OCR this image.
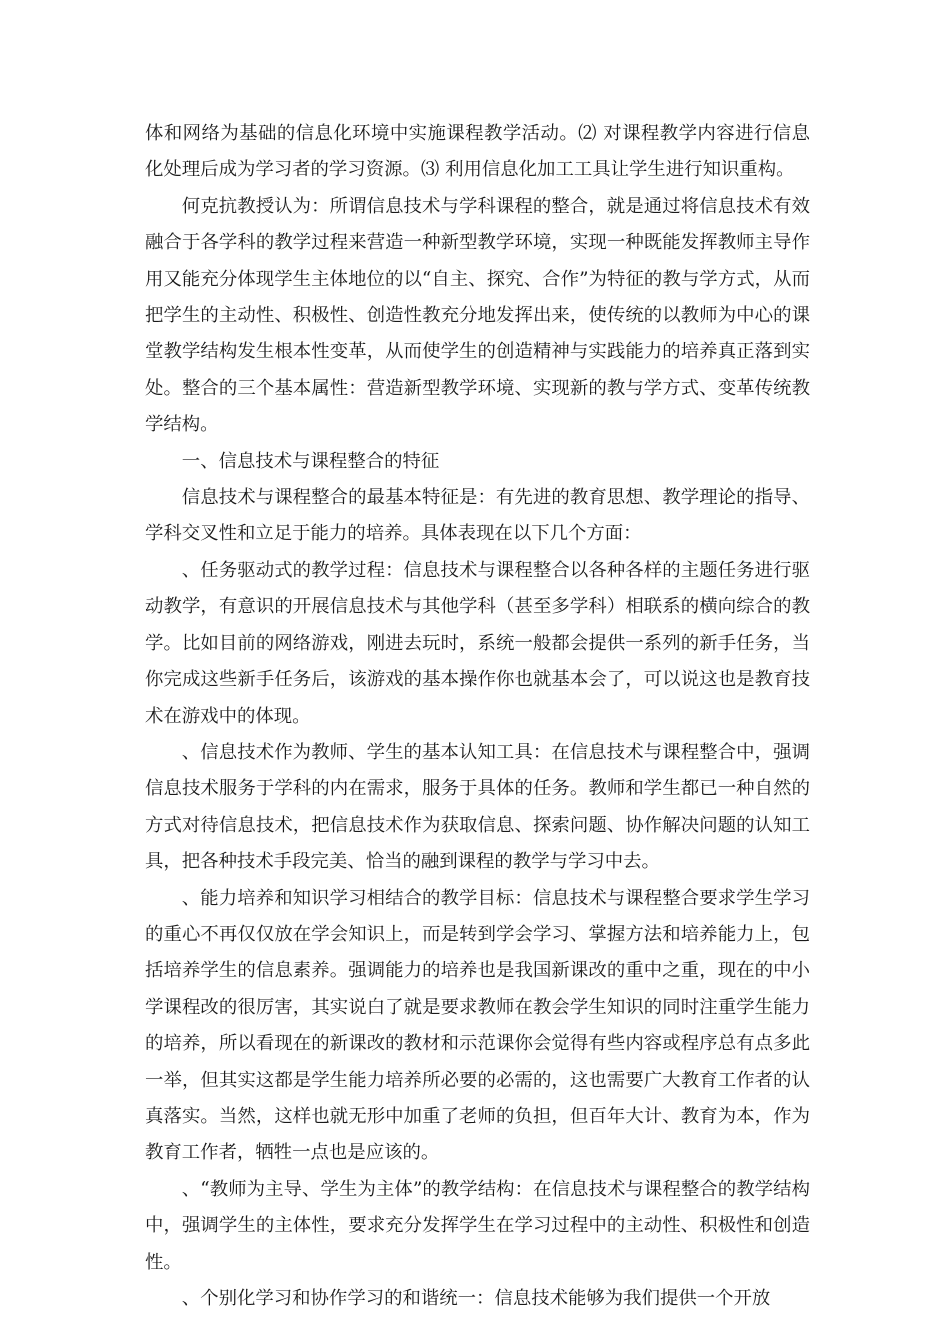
体和网络为基础的信息化环境中实施课程教学活动。⑵ 对课程教学内容进行信息化处理后成为学习者的学习资源。⑶ 利用信息化加工工具让学生进行知识重构。

何克抗教授认为：所谓信息技术与学科课程的整合，就是通过将信息技术有效融合于各学科的教学过程来营造一种新型教学环境，实现一种既能发挥教师主导作用又能充分体现学生主体地位的以“自主、探究、合作”为特征的教与学方式，从而把学生的主动性、积极性、创造性教充分地发挥出来，使传统的以教师为中心的课堂教学结构发生根本性变革，从而使学生的创造精神与实践能力的培养真正落到实处。整合的三个基本属性：营造新型教学环境、实现新的教与学方式、变革传统教学结构。

一、信息技术与课程整合的特征

信息技术与课程整合的最基本特征是：有先进的教育思想、教学理论的指导、学科交叉性和立足于能力的培养。具体表现在以下几个方面：

、任务驱动式的教学过程：信息技术与课程整合以各种各样的主题任务进行驱动教学，有意识的开展信息技术与其他学科（甚至多学科）相联系的横向综合的教学。比如目前的网络游戏，刚进去玩时，系统一般都会提供一系列的新手任务，当你完成这些新手任务后，该游戏的基本操作你也就基本会了，可以说这也是教育技术在游戏中的体现。

、信息技术作为教师、学生的基本认知工具：在信息技术与课程整合中，强调信息技术服务于学科的内在需求，服务于具体的任务。教师和学生都已一种自然的方式对待信息技术，把信息技术作为获取信息、探索问题、协作解决问题的认知工具，把各种技术手段完美、恰当的融到课程的教学与学习中去。

、能力培养和知识学习相结合的教学目标：信息技术与课程整合要求学生学习的重心不再仅仅放在学会知识上，而是转到学会学习、掌握方法和培养能力上，包括培养学生的信息素养。强调能力的培养也是我国新课改的重中之重，现在的中小学课程改的很厉害，其实说白了就是要求教师在教会学生知识的同时注重学生能力的培养，所以看现在的新课改的教材和示范课你会觉得有些内容或程序总有点多此一举，但其实这都是学生能力培养所必要的必需的，这也需要广大教育工作者的认真落实。当然，这样也就无形中加重了老师的负担，但百年大计、教育为本，作为教育工作者，牺牲一点也是应该的。

、“教师为主导、学生为主体”的教学结构：在信息技术与课程整合的教学结构中，强调学生的主体性，要求充分发挥学生在学习过程中的主动性、积极性和创造性。

、个别化学习和协作学习的和谐统一：信息技术能够为我们提供一个开放
